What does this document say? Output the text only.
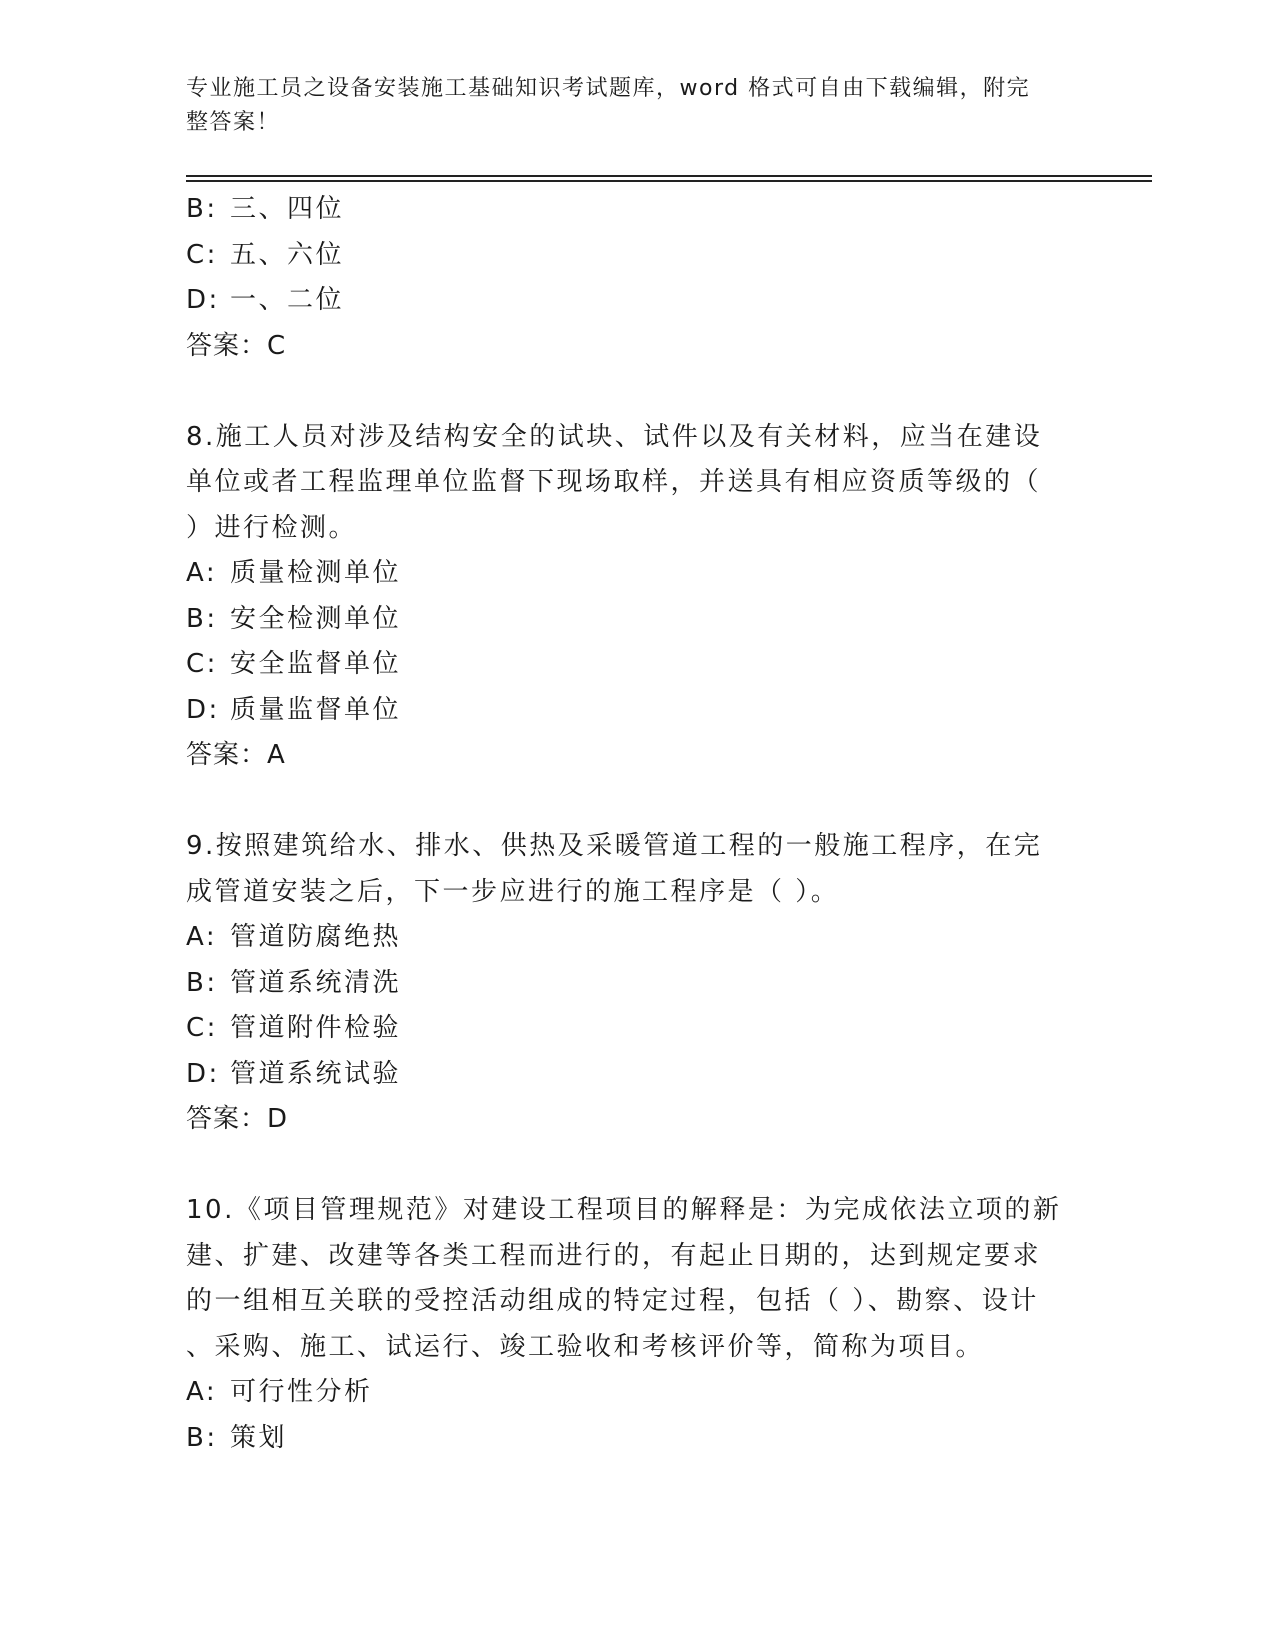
专业施工员之设备安装施工基础知识考试题库，word 格式可自由下载编辑，附完
整答案！
B: 三、四位
C: 五、六位
D: 一、二位
答案：C
8.施工人员对涉及结构安全的试块、试件以及有关材料，应当在建设
单位或者工程监理单位监督下现场取样，并送具有相应资质等级的（
）进行检测。
A: 质量检测单位
B: 安全检测单位
C: 安全监督单位
D: 质量监督单位
答案：A
9.按照建筑给水、排水、供热及采暖管道工程的一般施工程序，在完
成管道安装之后，下一步应进行的施工程序是（ ）。
A: 管道防腐绝热
B: 管道系统清洗
C: 管道附件检验
D: 管道系统试验
答案：D
10.《项目管理规范》对建设工程项目的解释是：为完成依法立项的新
建、扩建、改建等各类工程而进行的，有起止日期的，达到规定要求
的一组相互关联的受控活动组成的特定过程，包括（ ）、勘察、设计
、采购、施工、试运行、竣工验收和考核评价等，简称为项目。
A: 可行性分析
B: 策划
